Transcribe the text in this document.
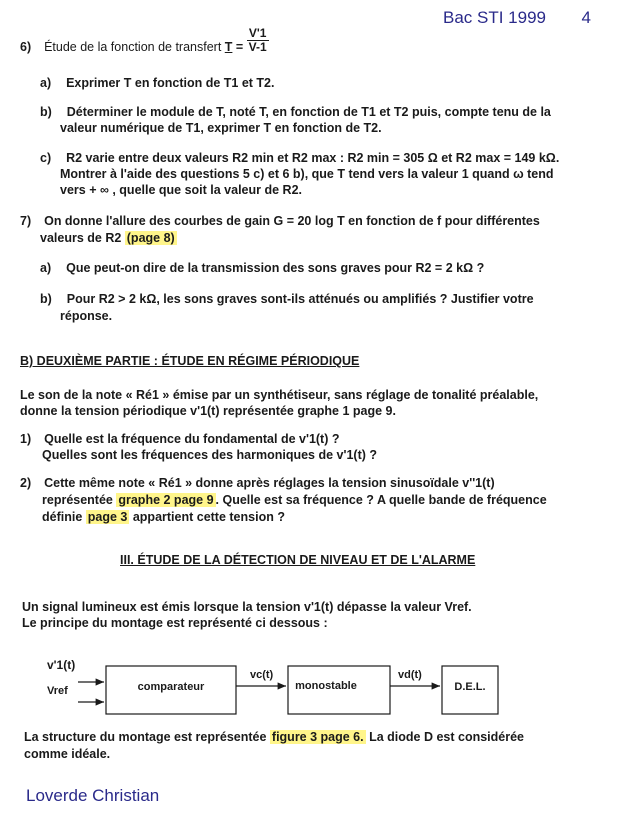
Bac STI 1999 4
6) Étude de la fonction de transfert $T = \frac{V'1}{V-1}$
a) Exprimer T en fonction de T1 et T2.
b) Déterminer le module de T, noté T, en fonction de T1 et T2 puis, compte tenu de la
valeur numérique de T1, exprimer T en fonction de T2.
c) R2 varie entre deux valeurs R2 min et R2 max : R2 min = 305 Ω et R2 max = 149 kΩ.
Montrer à l'aide des questions 5 c) et 6 b), que T tend vers la valeur 1 quand ω tend
vers + ∞ , quelle que soit la valeur de R2.
7) On donne l'allure des courbes de gain G = 20 log T en fonction de f pour différentes
valeurs de R2 (page 8)
a) Que peut-on dire de la transmission des sons graves pour R2 = 2 kΩ ?
b) Pour R2 > 2 kΩ, les sons graves sont-ils atténués ou amplifiés ? Justifier votre
réponse.
B) DEUXIÈME PARTIE : ÉTUDE EN RÉGIME PÉRIODIQUE
Le son de la note « Ré1 » émise par un synthétiseur, sans réglage de tonalité préalable,
donne la tension périodique v'1(t) représentée graphe 1 page 9.
1) Quelle est la fréquence du fondamental de v'1(t) ?
Quelles sont les fréquences des harmoniques de v'1(t) ?
2) Cette même note « Ré1 » donne après réglages la tension sinusoïdale v''1(t)
représentée graphe 2 page 9 . Quelle est sa fréquence ? A quelle bande de fréquence
définie page 3 appartient cette tension ?
III. ÉTUDE DE LA DÉTECTION DE NIVEAU ET DE L'ALARME
Un signal lumineux est émis lorsque la tension v'1(t) dépasse la valeur Vref.
Le principe du montage est représenté ci dessous :
v'1(t)
Vref	comparateur
vc(t)
monostable
vd(t)
D.E.L.
La structure du montage est représentée figure 3 page 6. La diode D est considérée
comme idéale.
Loverde Christian
